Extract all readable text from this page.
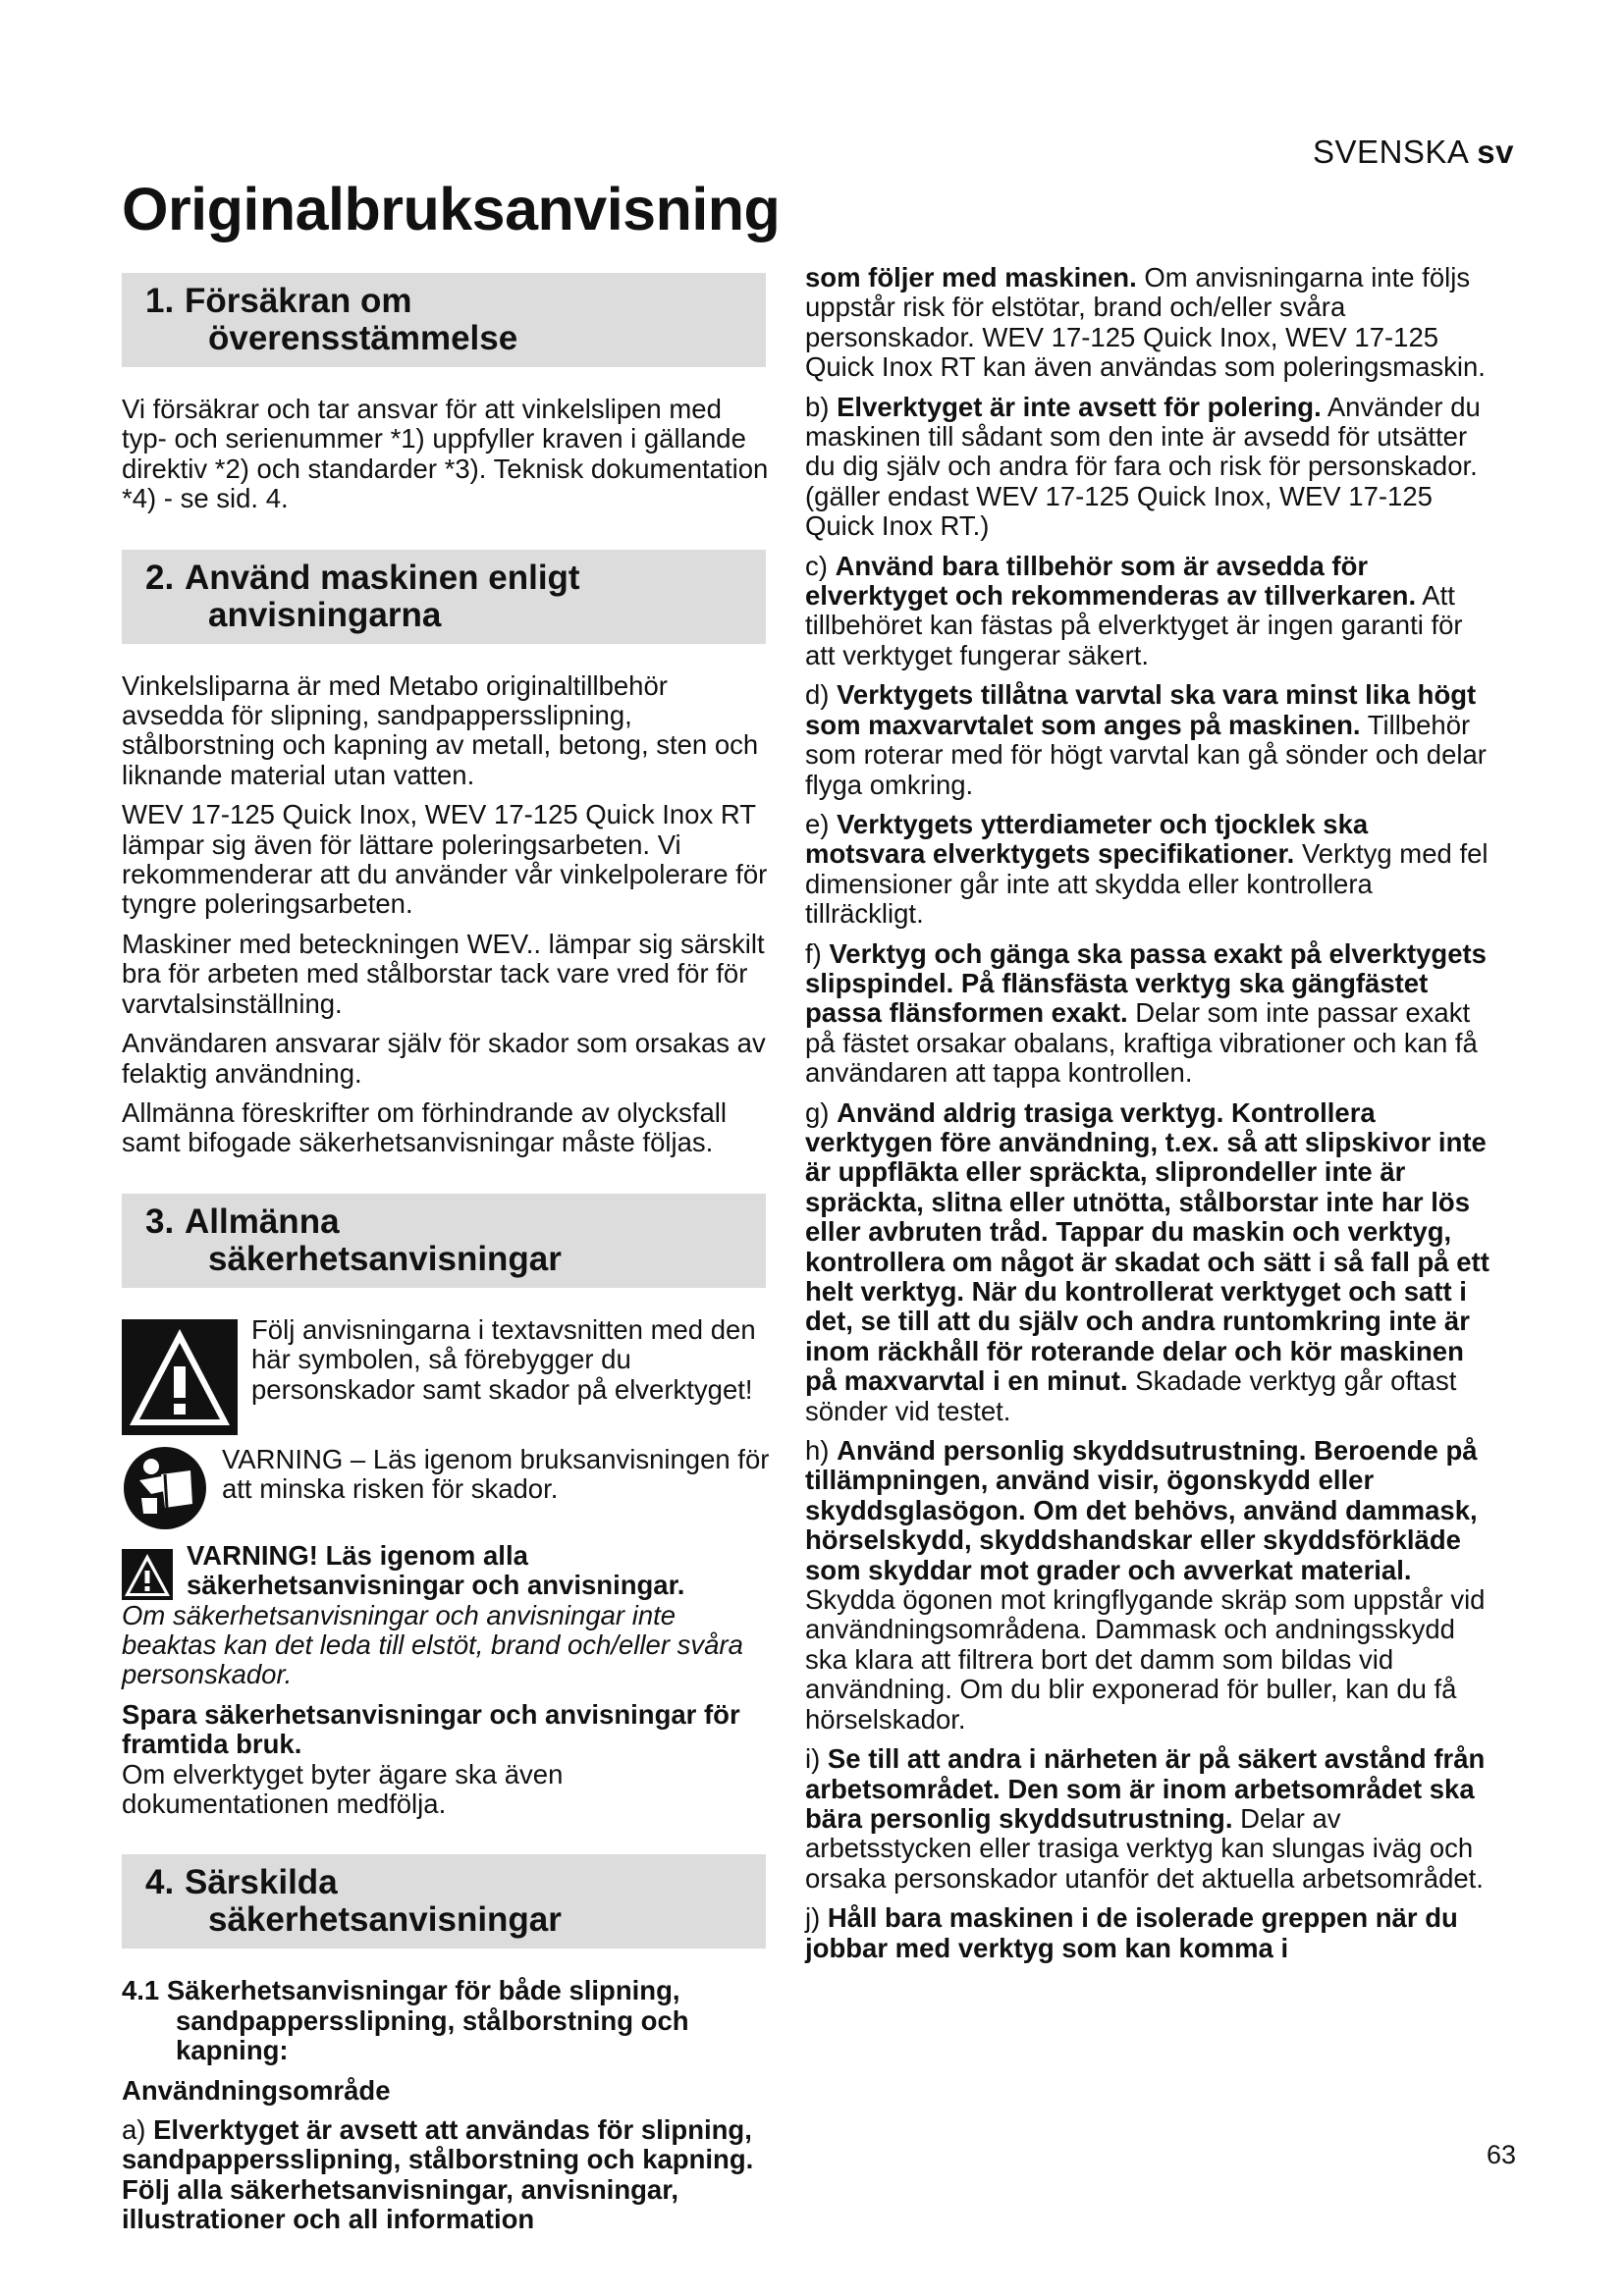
SVENSKA sv
Originalbruksanvisning
1. Försäkran om
överensstämmelse

Vi försäkrar och tar ansvar för att vinkelslipen med typ- och serienummer *1) uppfyller kraven i gällande direktiv *2) och standarder *3). Teknisk dokumentation *4) - se sid. 4.

2. Använd maskinen enligt
anvisningarna

Vinkelsliparna är med Metabo originaltillbehör avsedda för slipning, sandpappersslipning, stålborstning och kapning av metall, betong, sten och liknande material utan vatten.

WEV 17-125 Quick Inox, WEV 17-125 Quick Inox RT lämpar sig även för lättare poleringsarbeten. Vi rekommenderar att du använder vår vinkelpolerare för tyngre poleringsarbeten.

Maskiner med beteckningen WEV.. lämpar sig särskilt bra för arbeten med stålborstar tack vare vred för för varvtalsinställning.

Användaren ansvarar själv för skador som orsakas av felaktig användning.

Allmänna föreskrifter om förhindrande av olycksfall samt bifogade säkerhetsanvisningar måste följas.

3. Allmänna
säkerhetsanvisningar

Följ anvisningarna i textavsnitten med den här symbolen, så förebygger du personskador samt skador på elverktyget!

VARNING – Läs igenom bruksanvisningen för att minska risken för skador.

VARNING! Läs igenom alla säkerhetsanvisningar och anvisningar.

Om säkerhetsanvisningar och anvisningar inte beaktas kan det leda till elstöt, brand och/eller svåra personskador.

Spara säkerhetsanvisningar och anvisningar för framtida bruk.

Om elverktyget byter ägare ska även dokumentationen medfölja.

4. Särskilda
säkerhetsanvisningar

4.1 Säkerhetsanvisningar för både slipning, sandpappersslipning, stålborstning och kapning:

Användningsområde

a) Elverktyget är avsett att användas för slipning, sandpappersslipning, stålborstning och kapning. Följ alla säkerhetsanvisningar, anvisningar, illustrationer och all information

som följer med maskinen. Om anvisningarna inte följs uppstår risk för elstötar, brand och/eller svåra personskador. WEV 17-125 Quick Inox, WEV 17-125 Quick Inox RT kan även användas som poleringsmaskin.

b) Elverktyget är inte avsett för polering. Använder du maskinen till sådant som den inte är avsedd för utsätter du dig själv och andra för fara och risk för personskador. (gäller endast WEV 17-125 Quick Inox, WEV 17-125 Quick Inox RT.)

c) Använd bara tillbehör som är avsedda för elverktyget och rekommenderas av tillverkaren. Att tillbehöret kan fästas på elverktyget är ingen garanti för att verktyget fungerar säkert.

d) Verktygets tillåtna varvtal ska vara minst lika högt som maxvarvtalet som anges på maskinen. Tillbehör som roterar med för högt varvtal kan gå sönder och delar flyga omkring.

e) Verktygets ytterdiameter och tjocklek ska motsvara elverktygets specifikationer. Verktyg med fel dimensioner går inte att skydda eller kontrollera tillräckligt.

f) Verktyg och gänga ska passa exakt på elverktygets slipspindel. På flänsfästa verktyg ska gängfästet passa flänsformen exakt. Delar som inte passar exakt på fästet orsakar obalans, kraftiga vibrationer och kan få användaren att tappa kontrollen.

g) Använd aldrig trasiga verktyg. Kontrollera verktygen före användning, t.ex. så att slipskivor inte är uppflākta eller spräckta, sliprondeller inte är spräckta, slitna eller utnötta, stålborstar inte har lös eller avbruten tråd. Tappar du maskin och verktyg, kontrollera om något är skadat och sätt i så fall på ett helt verktyg. När du kontrollerat verktyget och satt i det, se till att du själv och andra runtomkring inte är inom räckhåll för roterande delar och kör maskinen på maxvarvtal i en minut. Skadade verktyg går oftast sönder vid testet.

h) Använd personlig skyddsutrustning. Beroende på tillämpningen, använd visir, ögonskydd eller skyddsglasögon. Om det behövs, använd dammask, hörselskydd, skyddshandskar eller skyddsförkläde som skyddar mot grader och avverkat material. Skydda ögonen mot kringflygande skräp som uppstår vid användningsområdena. Dammask och andningsskydd ska klara att filtrera bort det damm som bildas vid användning. Om du blir exponerad för buller, kan du få hörselskador.

i) Se till att andra i närheten är på säkert avstånd från arbetsområdet. Den som är inom arbetsområdet ska bära personlig skyddsutrustning. Delar av arbetsstycken eller trasiga verktyg kan slungas iväg och orsaka personskador utanför det aktuella arbetsområdet.

j) Håll bara maskinen i de isolerade greppen när du jobbar med verktyg som kan komma i

63
